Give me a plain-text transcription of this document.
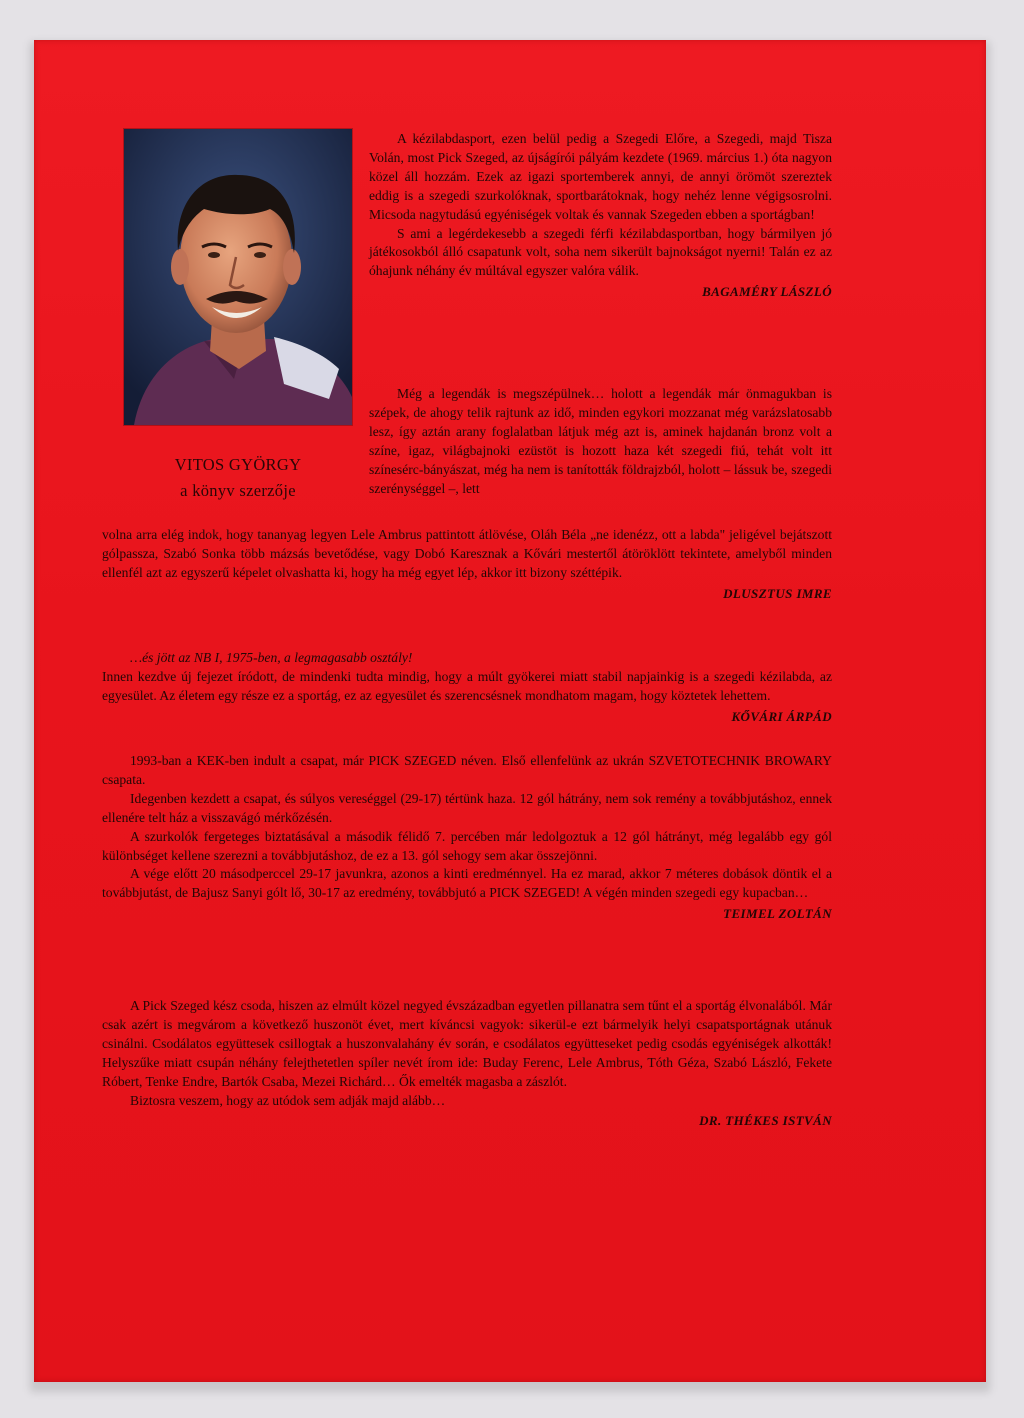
VITOS GYÖRGY
a könyv szerzője

A kézilabdasport, ezen belül pedig a Szegedi Előre, a Szegedi, majd Tisza Volán, most Pick Szeged, az újságírói pályám kezdete (1969. március 1.) óta nagyon közel áll hozzám. Ezek az igazi sportemberek annyi, de annyi örömöt szereztek eddig is a szegedi szurkolóknak, sportbarátoknak, hogy nehéz lenne végigsosrolni. Micsoda nagytudású egyéniségek voltak és vannak Szegeden ebben a sportágban!

S ami a legérdekesebb a szegedi férfi kézilabdasportban, hogy bármilyen jó játékosokból álló csapatunk volt, soha nem sikerült bajnokságot nyerni! Talán ez az óhajunk néhány év múltával egyszer valóra válik.

BAGAMÉRY LÁSZLÓ

Még a legendák is megszépülnek… holott a legendák már önmagukban is szépek, de ahogy telik rajtunk az idő, minden egykori mozzanat még varázslatosabb lesz, így aztán arany foglalatban látjuk még azt is, aminek hajdanán bronz volt a színe, igaz, világbajnoki ezüstöt is hozott haza két szegedi fiú, tehát volt itt színesérc-bányászat, még ha nem is tanították földrajzból, holott – lássuk be, szegedi szerénységgel –, lett

volna arra elég indok, hogy tananyag legyen Lele Ambrus pattintott átlövése, Oláh Béla „ne idenézz, ott a labda" jeligével bejátszott gólpassza, Szabó Sonka több mázsás bevetődése, vagy Dobó Karesznak a Kővári mestertől átöröklött tekintete, amelyből minden ellenfél azt az egyszerű képelet olvashatta ki, hogy ha még egyet lép, akkor itt bizony széttépik.

DLUSZTUS IMRE

…és jött az NB I, 1975-ben, a legmagasabb osztály!

Innen kezdve új fejezet íródott, de mindenki tudta mindig, hogy a múlt gyökerei miatt stabil napjainkig is a szegedi kézilabda, az egyesület. Az életem egy része ez a sportág, ez az egyesület és szerencsésnek mondhatom magam, hogy köztetek lehettem.

KŐVÁRI ÁRPÁD

1993-ban a KEK-ben indult a csapat, már PICK SZEGED néven. Első ellenfelünk az ukrán SZVETOTECHNIK BROWARY csapata.

Idegenben kezdett a csapat, és súlyos vereséggel (29-17) tértünk haza. 12 gól hátrány, nem sok remény a továbbjutáshoz, ennek ellenére telt ház a visszavágó mérkőzésén.

A szurkolók fergeteges biztatásával a második félidő 7. percében már ledolgoztuk a 12 gól hátrányt, még legalább egy gól különbséget kellene szerezni a továbbjutáshoz, de ez a 13. gól sehogy sem akar összejönni.

A vége előtt 20 másodperccel 29-17 javunkra, azonos a kinti eredménnyel. Ha ez marad, akkor 7 méteres dobások döntik el a továbbjutást, de Bajusz Sanyi gólt lő, 30-17 az eredmény, továbbjutó a PICK SZEGED! A végén minden szegedi egy kupacban…

TEIMEL ZOLTÁN

A Pick Szeged kész csoda, hiszen az elmúlt közel negyed évszázadban egyetlen pillanatra sem tűnt el a sportág élvonalából. Már csak azért is megvárom a következő huszonöt évet, mert kíváncsi vagyok: sikerül-e ezt bármelyik helyi csapatsportágnak utánuk csinálni. Csodálatos együttesek csillogtak a huszonvalahány év során, e csodálatos együtteseket pedig csodás egyéniségek alkották! Helyszűke miatt csupán néhány felejthetetlen spíler nevét írom ide: Buday Ferenc, Lele Ambrus, Tóth Géza, Szabó László, Fekete Róbert, Tenke Endre, Bartók Csaba, Mezei Richárd… Ők emelték magasba a zászlót.

Biztosra veszem, hogy az utódok sem adják majd alább…

DR. THÉKES ISTVÁN
